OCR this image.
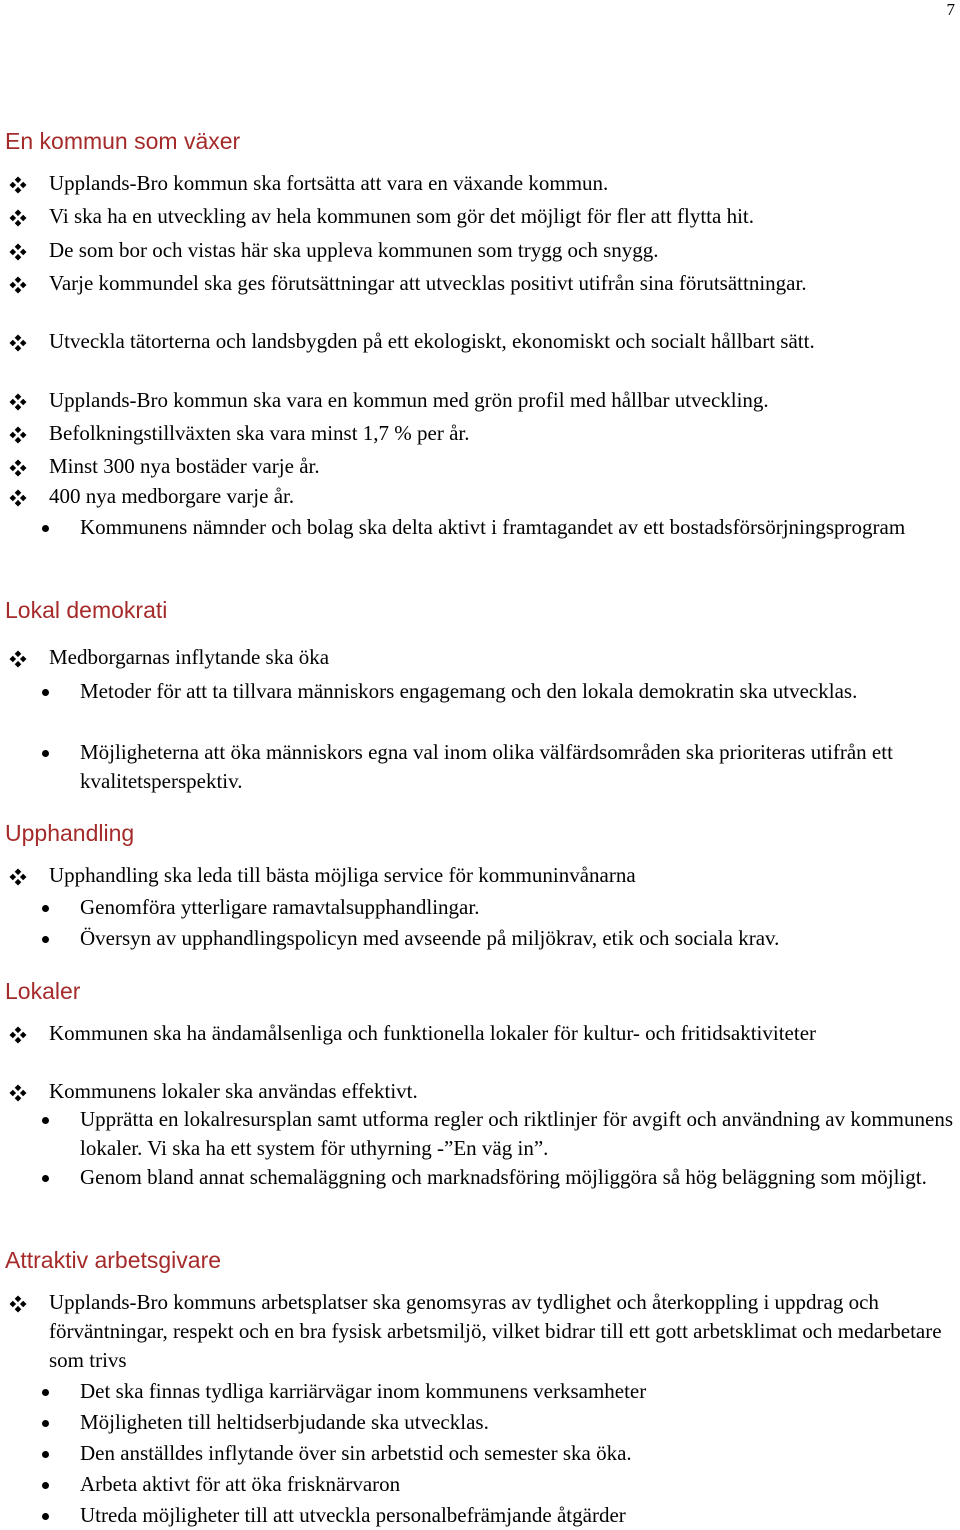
7
En kommun som växer
Upplands-Bro kommun ska fortsätta att vara en växande kommun.
Vi ska ha en utveckling av hela kommunen som gör det möjligt för fler att flytta hit.
De som bor och vistas här ska uppleva kommunen som trygg och snygg.
Varje kommundel ska ges förutsättningar att utvecklas positivt utifrån sina förutsättningar.
Utveckla tätorterna och landsbygden på ett ekologiskt, ekonomiskt och socialt hållbart sätt.
Upplands-Bro kommun ska vara en kommun med grön profil med hållbar utveckling.
Befolkningstillväxten ska vara minst 1,7 % per år.
Minst 300 nya bostäder varje år.
400 nya medborgare varje år.
Kommunens nämnder och bolag ska delta aktivt i framtagandet av ett bostadsförsörjningsprogram
Lokal demokrati
Medborgarnas inflytande ska öka
Metoder för att ta tillvara människors engagemang och den lokala demokratin ska utvecklas.
Möjligheterna att öka människors egna val inom olika välfärdsområden ska prioriteras utifrån ett kvalitetsperspektiv.
Upphandling
Upphandling ska leda till bästa möjliga service för kommuninvånarna
Genomföra ytterligare ramavtalsupphandlingar.
Översyn av upphandlingspolicyn med avseende på miljökrav, etik och sociala krav.
Lokaler
Kommunen ska ha ändamålsenliga och funktionella lokaler för kultur- och fritidsaktiviteter
Kommunens lokaler ska användas effektivt.
Upprätta en lokalresursplan samt utforma regler och riktlinjer för avgift och användning av kommunens lokaler. Vi ska ha ett system för uthyrning -”En väg in”.
Genom bland annat schemaläggning och marknadsföring möjliggöra så hög beläggning som möjligt.
Attraktiv arbetsgivare
Upplands-Bro kommuns arbetsplatser ska genomsyras av tydlighet och återkoppling i uppdrag och förväntningar, respekt och en bra fysisk arbetsmiljö, vilket bidrar till ett gott arbetsklimat och medarbetare som trivs
Det ska finnas tydliga karriärvägar inom kommunens verksamheter
Möjligheten till heltidserbjudande ska utvecklas.
Den anställdes inflytande över sin arbetstid och semester ska öka.
Arbeta aktivt för att öka frisknärvaron
Utreda möjligheter till att utveckla personalbefrämjande åtgärder
